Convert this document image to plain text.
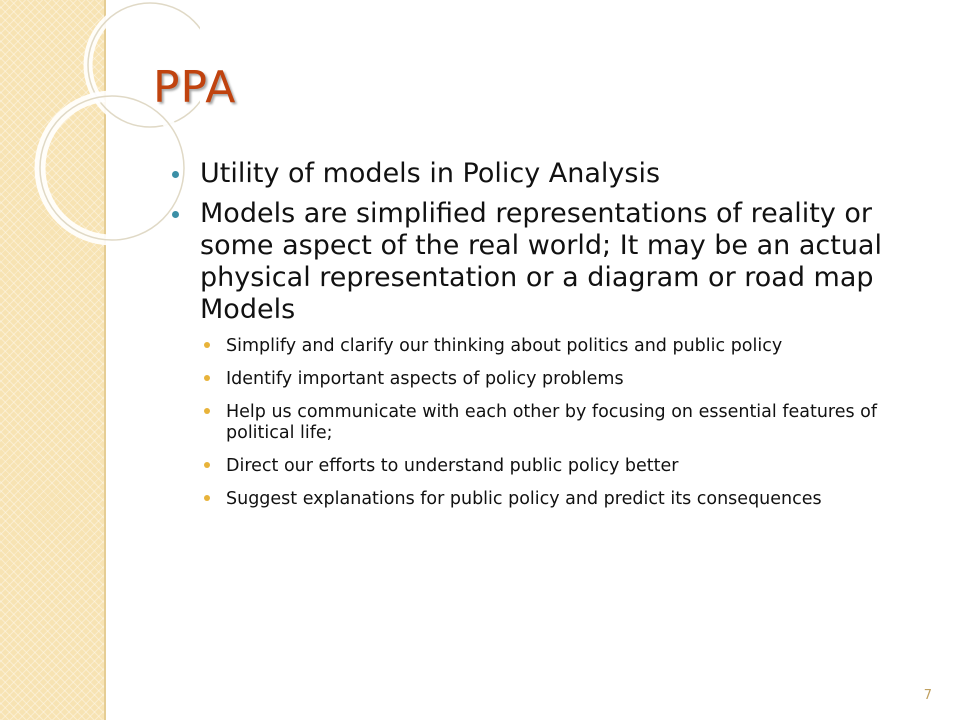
PPA
Utility of models in Policy Analysis
Models are simplified representations of reality or some aspect of the real world; It may be an actual physical representation or a diagram or road map Models
Simplify and clarify our thinking about politics and public policy
Identify important aspects of policy problems
Help us communicate with each other by focusing on essential features of political life;
Direct our efforts to understand public policy better
Suggest explanations for public policy and predict its consequences
7
